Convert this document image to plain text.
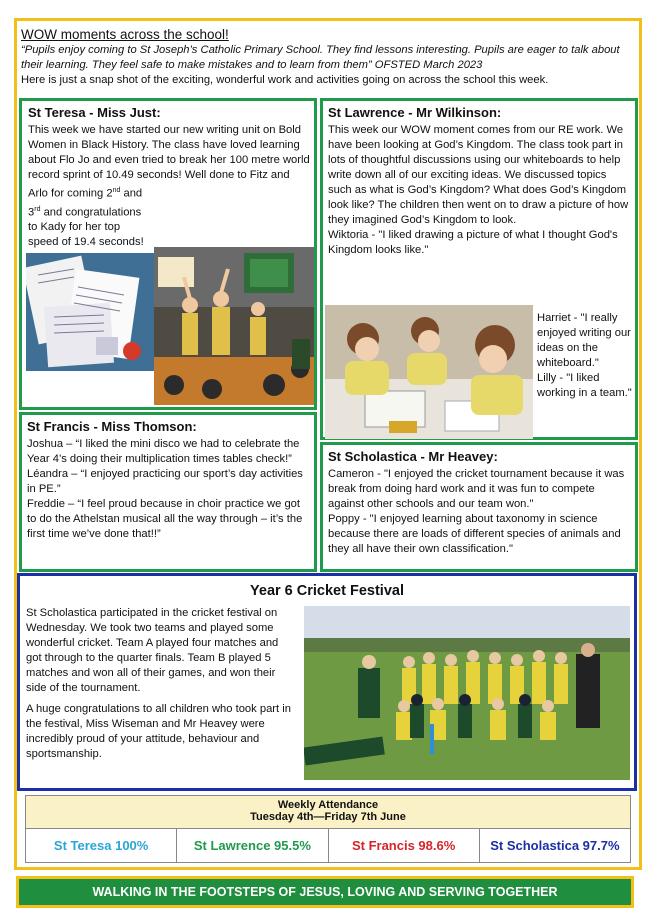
WOW moments across the school!
“Pupils enjoy coming to St Joseph’s Catholic Primary School. They find lessons interesting. Pupils are eager to talk about their learning. They feel safe to make mistakes and to learn from them” OFSTED March 2023
Here is just a snap shot of the exciting, wonderful work and activities going on across the school this week.
St Teresa - Miss Just:
This week we have started our new writing unit on Bold Women in Black History. The class have loved learning about Flo Jo and even tried to break her 100 metre world record sprint of 10.49 seconds! Well done to Fitz and Arlo for coming 2nd and
3rd and congratulations to Kady for her top speed of 19.4 seconds!
St Lawrence - Mr Wilkinson:
This week our WOW moment comes from our RE work. We have been looking at God’s Kingdom. The class took part in lots of thoughtful discussions using our whiteboards to help write down all of our exciting ideas. We discussed topics such as what is God’s Kingdom? What does God’s Kingdom look like? The children then went on to draw a picture of how they imagined God’s Kingdom to look.
Wiktoria - "I liked drawing a picture of what I thought God's Kingdom looks like."
Harriet - "I really enjoyed writing our ideas on the whiteboard."
Lilly - "I liked working in a team."
St Francis - Miss Thomson:
Joshua – “I liked the mini disco we had to celebrate the Year 4’s doing their multiplication times tables check!”
Léandra – “I enjoyed practicing our sport’s day activities in PE.”
Freddie – “I feel proud because in choir practice we got to do the Athelstan musical all the way through – it’s the first time we’ve done that!!”
St Scholastica - Mr Heavey:
Cameron - "I enjoyed the cricket tournament because it was break from doing hard work and it was fun to compete against other schools and our team won."
Poppy - "I enjoyed learning about taxonomy in science because there are loads of different species of animals and they all have their own classification."
Year 6 Cricket Festival
St Scholastica participated in the cricket festival on Wednesday. We took two teams and played some wonderful cricket. Team A played four matches and got through to the quarter finals. Team B played 5 matches and won all of their games, and won their side of the tournament.
A huge congratulations to all children who took part in the festival, Miss Wiseman and Mr Heavey were incredibly proud of your attitude, behaviour and sportsmanship.
Weekly Attendance
Tuesday 4th—Friday 7th June
St Teresa 100%	St Lawrence 95.5%	St Francis 98.6%	St Scholastica 97.7%
WALKING IN THE FOOTSTEPS OF JESUS, LOVING AND SERVING TOGETHER
